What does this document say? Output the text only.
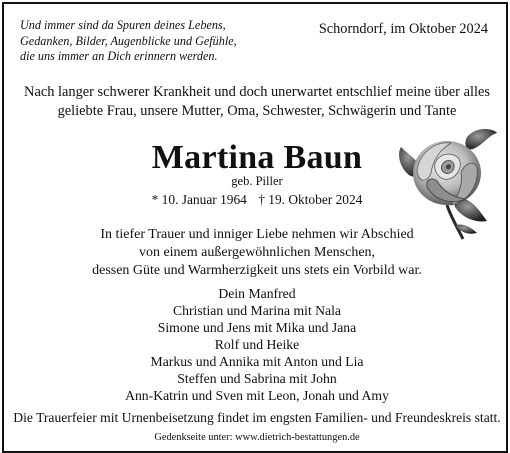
Und immer sind da Spuren deines Lebens,
Gedanken, Bilder, Augenblicke und Gefühle,
die uns immer an Dich erinnern werden.
Schorndorf, im Oktober 2024
Nach langer schwerer Krankheit und doch unerwartet entschlief meine über alles
geliebte Frau, unsere Mutter, Oma, Schwester, Schwägerin und Tante
Martina Baun
geb. Piller
* 10. Januar 1964 † 19. Oktober 2024
In tiefer Trauer und inniger Liebe nehmen wir Abschied
von einem außergewöhnlichen Menschen,
dessen Güte und Warmherzigkeit uns stets ein Vorbild war.
Dein Manfred
Christian und Marina mit Nala
Simone und Jens mit Mika und Jana
Rolf und Heike
Markus und Annika mit Anton und Lia
Steffen und Sabrina mit John
Ann-Katrin und Sven mit Leon, Jonah und Amy
Die Trauerfeier mit Urnenbeisetzung findet im engsten Familien- und Freundeskreis statt.
Gedenkseite unter: www.dietrich-bestattungen.de
